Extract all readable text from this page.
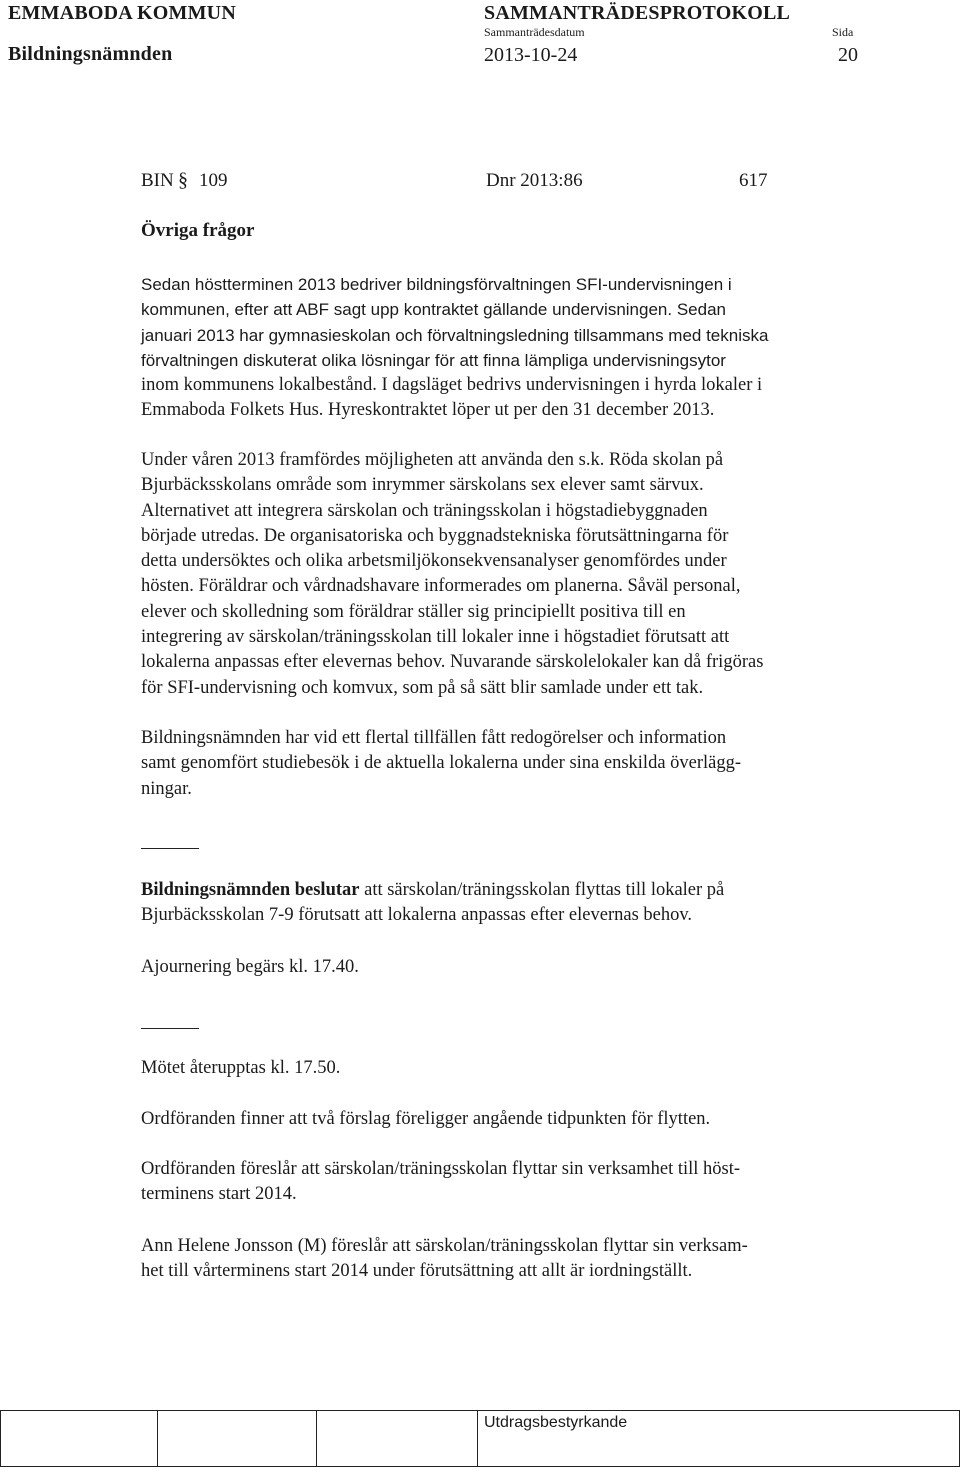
EMMABODA KOMMUN	SAMMANTRÄDESPROTOKOLL
Bildningsnämnden
Sammanträdesdatum
2013-10-24
Sida
20
BIN § 109	Dnr 2013:86	617
Övriga frågor
Sedan höstterminen 2013 bedriver bildningsförvaltningen SFI-undervisningen i
kommunen, efter att ABF sagt upp kontraktet gällande undervisningen. Sedan
januari 2013 har gymnasieskolan och förvaltningsledning tillsammans med tekniska
förvaltningen diskuterat olika lösningar för att finna lämpliga undervisningsytor
inom kommunens lokalbestånd. I dagsläget bedrivs undervisningen i hyrda lokaler i
Emmaboda Folkets Hus. Hyreskontraktet löper ut per den 31 december 2013.
Under våren 2013 framfördes möjligheten att använda den s.k. Röda skolan på
Bjurbäcksskolans område som inrymmer särskolans sex elever samt särvux.
Alternativet att integrera särskolan och träningsskolan i högstadiebyggnaden
började utredas. De organisatoriska och byggnadstekniska förutsättningarna för
detta undersöktes och olika arbetsmiljökonsekvensanalyser genomfördes under
hösten. Föräldrar och vårdnadshavare informerades om planerna. Såväl personal,
elever och skolledning som föräldrar ställer sig principiellt positiva till en
integrering av särskolan/träningsskolan till lokaler inne i högstadiet förutsatt att
lokalerna anpassas efter elevernas behov. Nuvarande särskolelokaler kan då frigöras
för SFI-undervisning och komvux, som på så sätt blir samlade under ett tak.
Bildningsnämnden har vid ett flertal tillfällen fått redogörelser och information
samt genomfört studiebesök i de aktuella lokalerna under sina enskilda överlägg-
ningar.
Bildningsnämnden beslutar att särskolan/träningsskolan flyttas till lokaler på
Bjurbäcksskolan 7-9 förutsatt att lokalerna anpassas efter elevernas behov.
Ajournering begärs kl. 17.40.
Mötet återupptas kl. 17.50.
Ordföranden finner att två förslag föreligger angående tidpunkten för flytten.
Ordföranden föreslår att särskolan/träningsskolan flyttar sin verksamhet till höst-
terminens start 2014.
Ann Helene Jonsson (M) föreslår att särskolan/träningsskolan flyttar sin verksam-
het till vårterminens start 2014 under förutsättning att allt är iordningställt.
Utdragsbestyrkande
